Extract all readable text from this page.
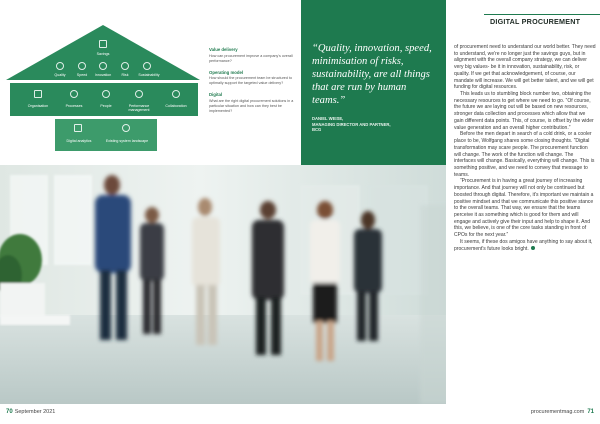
Savings
Quality	Speed	Innovation	Risk	Sustainability
Organisation	Processes	People	Performance management
Collaboration
Digital analytics	Existing system landscape
Value delivery
How can procurement improve a company's overall performance?
Operating model
How should the procurement team be structured to optimally support the targeted value delivery?
Digital
What are the right digital procurement solutions in a particular situation and how can they best be implemented?
“Quality, innovation, speed, minimisation of risks, sustainability, are all things that are run by human teams.”
DANIEL WEISE,
MANAGING DIRECTOR AND PARTNER,
BCG
DIGITAL PROCUREMENT

of procurement need to understand our world better. They need to understand, we're no longer just the savings guys, but in alignment with the overall company strategy, we can deliver very big values- be it in innovation, sustainability, risk, or quality. If we get that acknowledgement, of course, our mandate will increase. We will get better talent, and we will get funding for digital resources.

This leads us to stumbling block number two, obtaining the necessary resources to get where we need to go. “Of course, the future we are laying out will be based on new resources, stronger data collection and processes which allow that we gain different data points. This, of course, is offset by the wider value generation and an overall higher contribution.”

Before the men depart in search of a cold drink, or a cooler place to be, Wolfgang shares some closing thoughts. “Digital transformation may scare people. The procurement function will change. The work of the function will change. The interfaces will change. Basically, everything will change. This is something positive, and we need to convey that message to teams.

“Procurement is in having a great journey of increasing importance. And that journey will not only be continued but boosted through digital. Therefore, it's important we maintain a positive mindset and that we communicate this positive stance to the overall teams. That way, we ensure that the teams perceive it as something which is good for them and will engage and actively give their input and help to shape it. And this, we believe, is one of the core tasks standing in front of CPOs for the next year.”

It seems, if these dos amigos have anything to say about it, procurement's future looks bright.

70 September 2021	procurementmag.com 71
